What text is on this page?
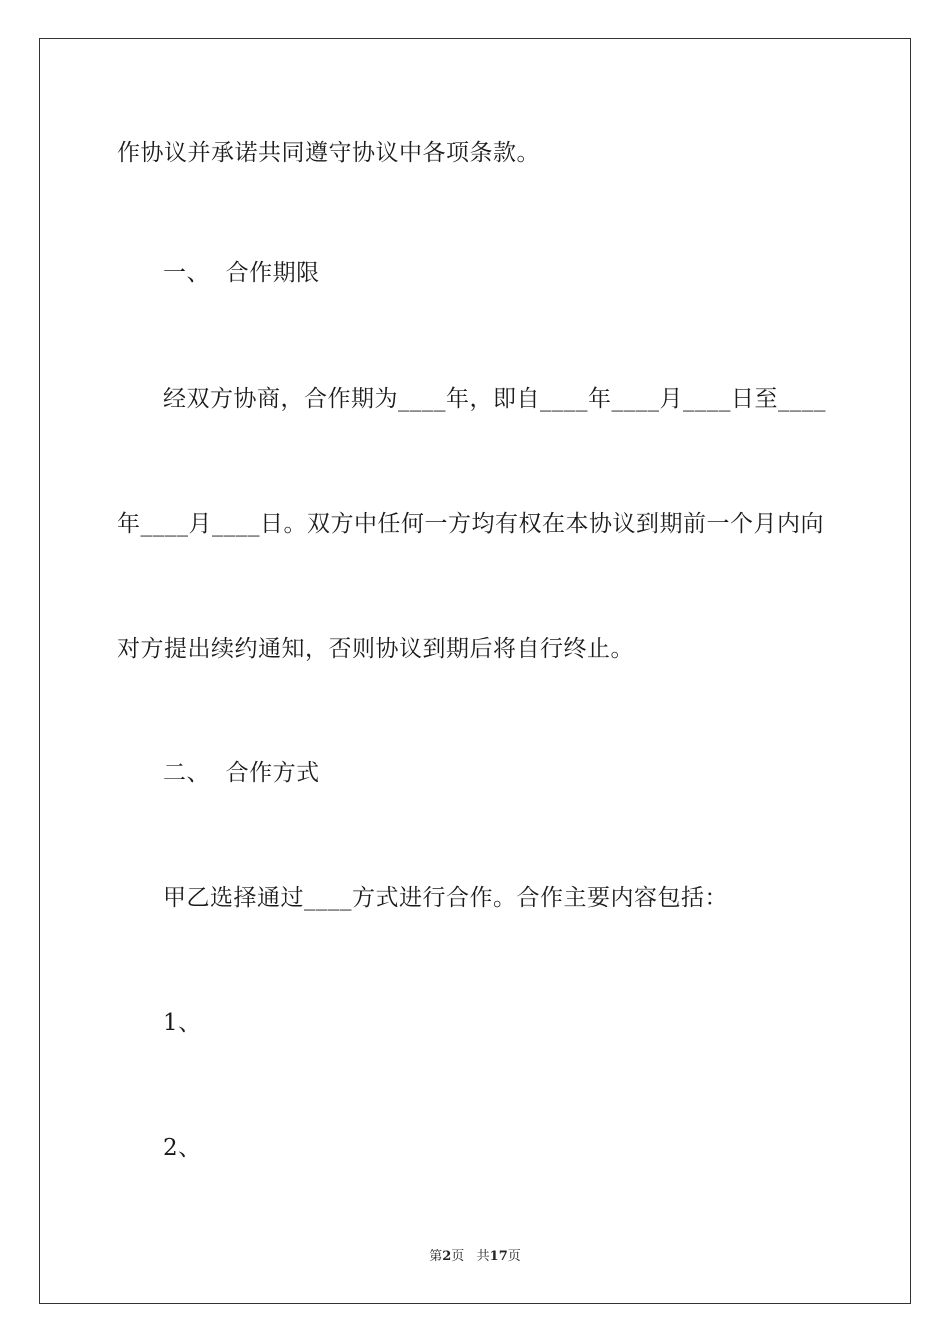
作协议并承诺共同遵守协议中各项条款。
一、  合作期限
经双方协商，合作期为____年，即自____年____月____日至____
年____月____日。双方中任何一方均有权在本协议到期前一个月内向
对方提出续约通知，否则协议到期后将自行终止。
二、  合作方式
甲乙选择通过____方式进行合作。合作主要内容包括：
1、
2、
第2页   共17页
